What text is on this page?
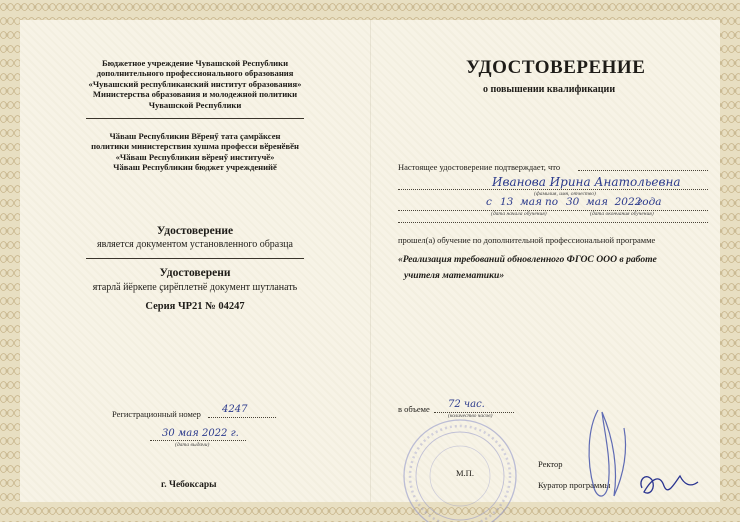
Бюджетное учреждение Чувашской Республики
дополнительного профессионального образования
«Чувашский республиканский институт образования»
Министерства образования и молодежной политики
Чувашской Республики
Чӑваш Республикин Вӗренӳ тата ҫамрӑксен
политики министерствин хушма професси вӗренӗвӗн
«Чӑваш Республикин вӗренӳ институчӗ»
Чӑваш Республикин бюджет учрежденийӗ
Удостоверение
является документом установленного образца
Удостоверени
ятарлӑ йӗркепе ҫирӗплетнӗ документ шутланать
Серия ЧР21 № 04247
Регистрационный номер 4247
30 мая 2022 г.
(дата выдачи)
г. Чебоксары
УДОСТОВЕРЕНИЕ
о повышении квалификации
Настоящее удостоверение подтверждает, что
Иванова Ирина Анатольевна
(фамилия, имя, отчество)
с 13  мая по 30  мая  2022
года
(дата начала обучения)	(дата окончания обучения)
прошел(а) обучение по дополнительной профессиональной программе
«Реализация требований обновленного ФГОС ООО в работе
учителя математики»
в объеме 72 час.
(количество часов)
М.П.
Ректор
Куратор программы
